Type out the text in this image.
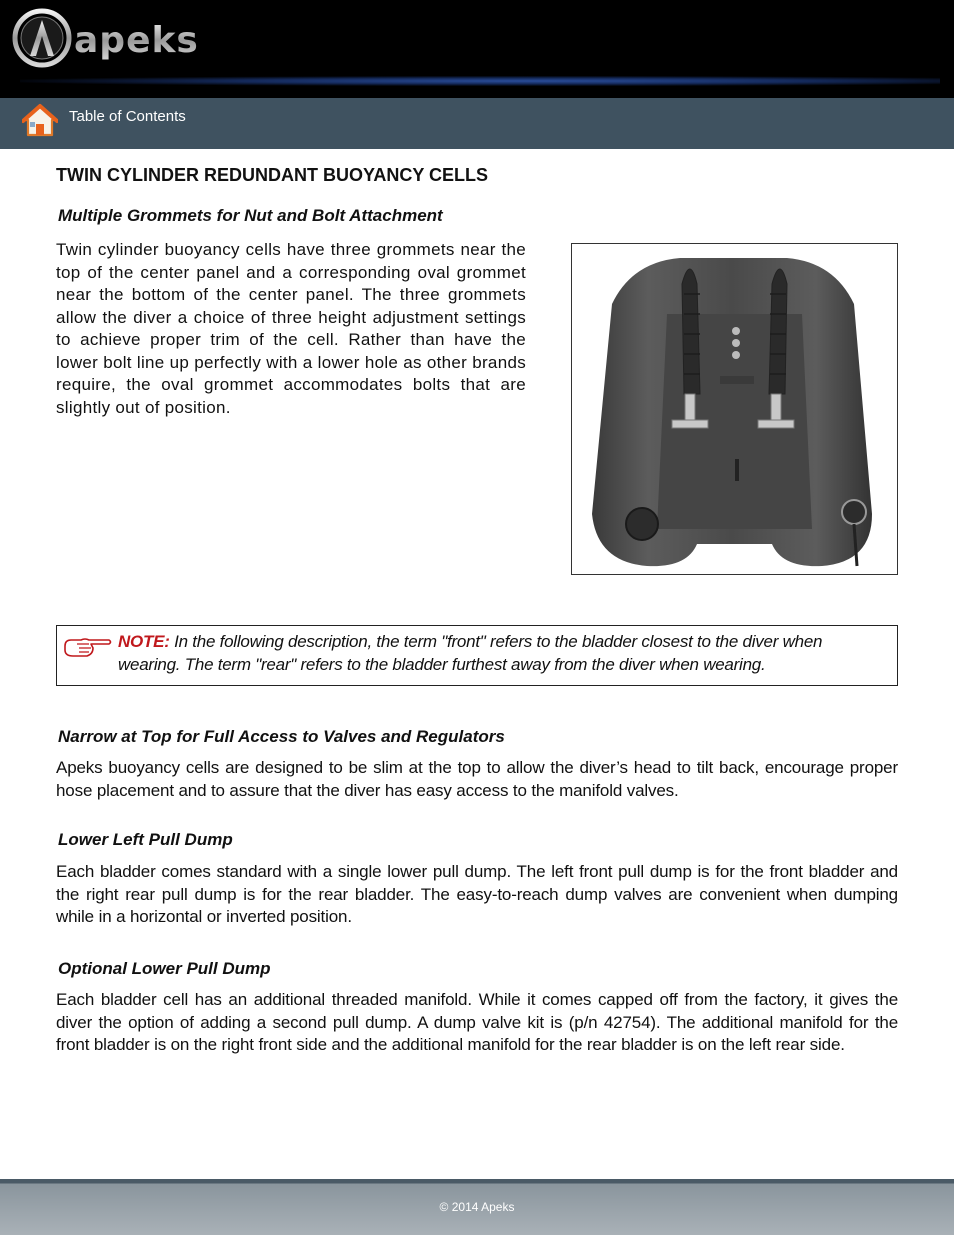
apeks
Table of Contents
TWIN CYLINDER REDUNDANT BUOYANCY CELLS
Multiple Grommets for Nut and Bolt Attachment

Twin cylinder buoyancy cells have three grommets near the top of the center panel and a corresponding oval grommet near the bottom of the center panel. The three grommets allow the diver a choice of three height adjustment settings to achieve proper trim of the cell. Rather than have the lower bolt line up perfectly with a lower hole as other brands require, the oval grommet accommodates bolts that are slightly out of position.

NOTE: In the following description, the term "front" refers to the bladder closest to the diver when wearing. The term "rear" refers to the bladder furthest away from the diver when wearing.
Narrow at Top for Full Access to Valves and Regulators

Apeks buoyancy cells are designed to be slim at the top to allow the diver’s head to tilt back, encourage proper hose placement and to assure that the diver has easy access to the manifold valves.

Lower Left Pull Dump

Each bladder comes standard with a single lower pull dump. The left front pull dump is for the front bladder and the right rear pull dump is for the rear bladder. The easy-to-reach dump valves are convenient when dumping while in a horizontal or inverted position.

Optional Lower Pull Dump

Each bladder cell has an additional threaded manifold. While it comes capped off from the factory, it gives the diver the option of adding a second pull dump. A dump valve kit is (p/n 42754). The additional manifold for the front bladder is on the right front side and the additional manifold for the rear bladder is on the left rear side.

© 2014 Apeks
